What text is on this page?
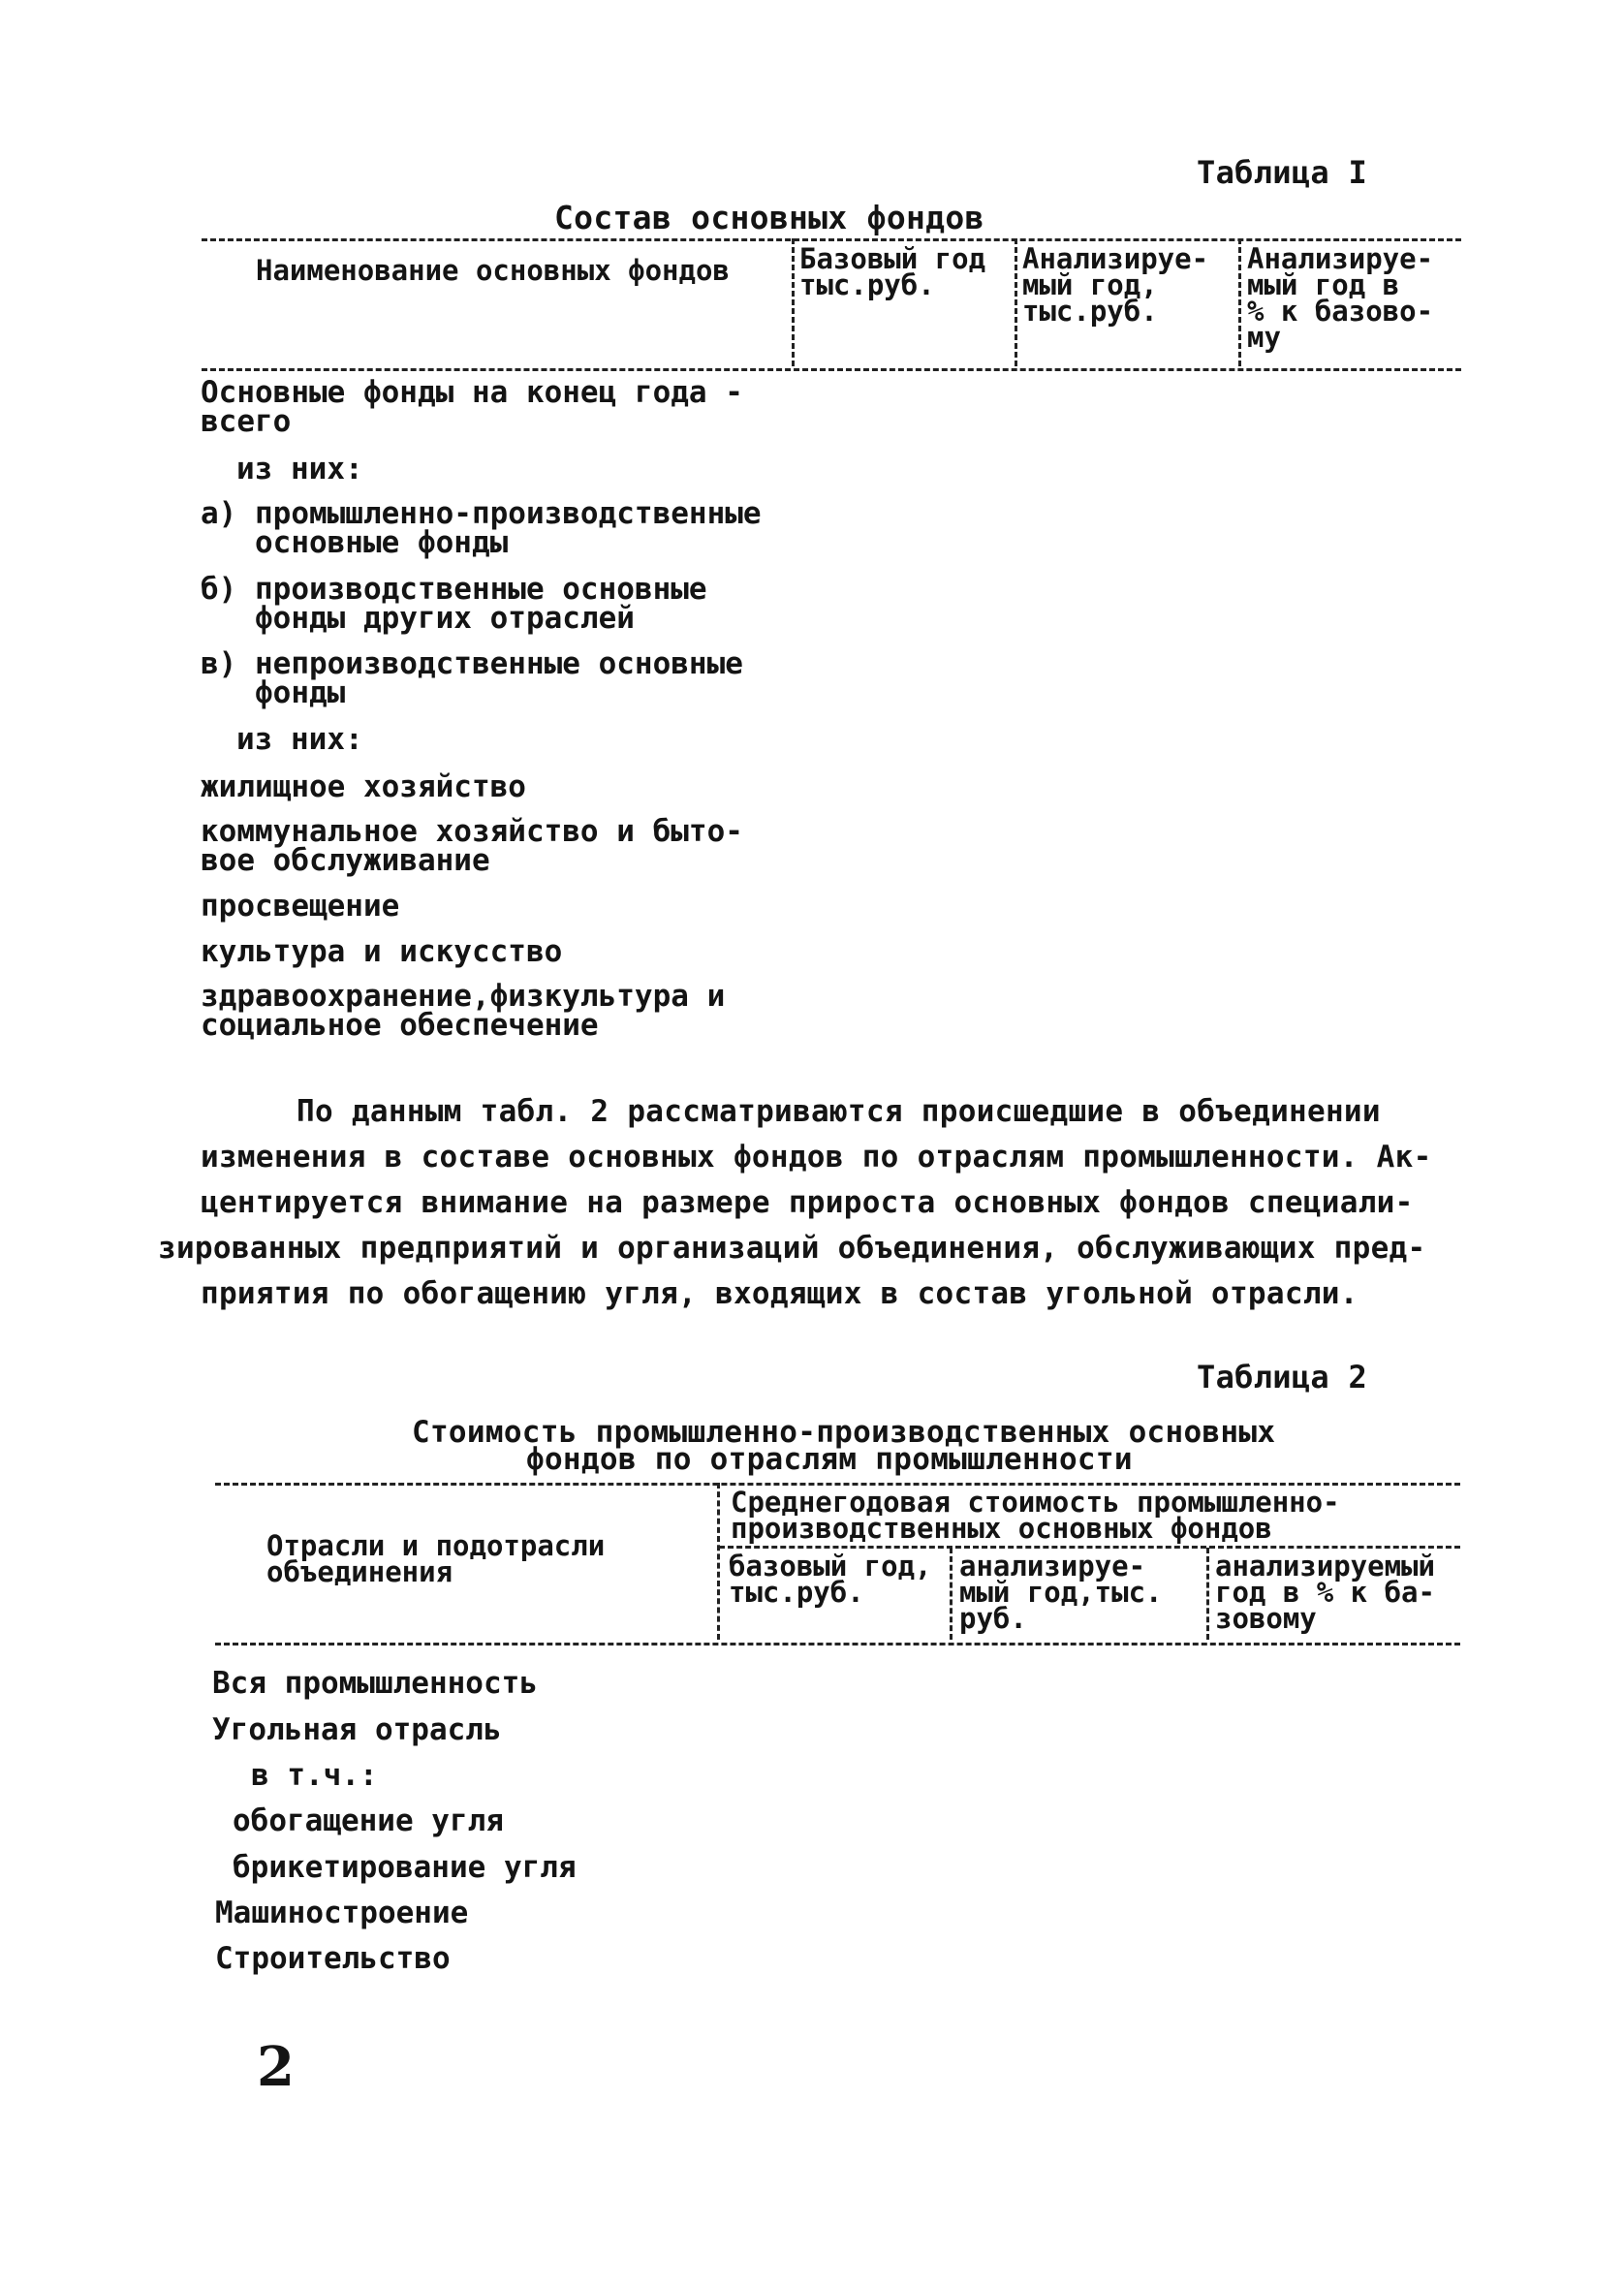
Таблица I
Состав основных фондов
Наименование основных фондов Базовый год
тыс.руб.
Анализируе-
мый год,
тыс.руб.
Анализируе-
мый год в
% к базово-
му
Основные фонды на конец года -
всего
из них:
а) промышленно-производственные
основные фонды
б) производственные основные
фонды других отраслей
в) непроизводственные основные
фонды
из них:
жилищное хозяйство
коммунальное хозяйство и быто-
вое обслуживание
просвещение
культура и искусство
здравоохранение,физкультура и
социальное обеспечение
По данным табл. 2 рассматриваются происшедшие в объединении
изменения в составе основных фондов по отраслям промышленности. Ак-
центируется внимание на размере прироста основных фондов специали-
зированных предприятий и организаций объединения, обслуживающих пред-
приятия по обогащению угля, входящих в состав угольной отрасли.
Таблица 2
Стоимость промышленно-производственных основных
фондов по отраслям промышленности
Отрасли и подотрасли
объединения
Среднегодовая стоимость промышленно-
производственных основных фондов
базовый год,
тыс.руб.
анализируе-
мый год,тыс.
руб.
анализируемый
год в % к ба-
зовому
Вся промышленность
Угольная отрасль
в т.ч.:
обогащение угля
брикетирование угля
Машиностроение
Строительство
2
